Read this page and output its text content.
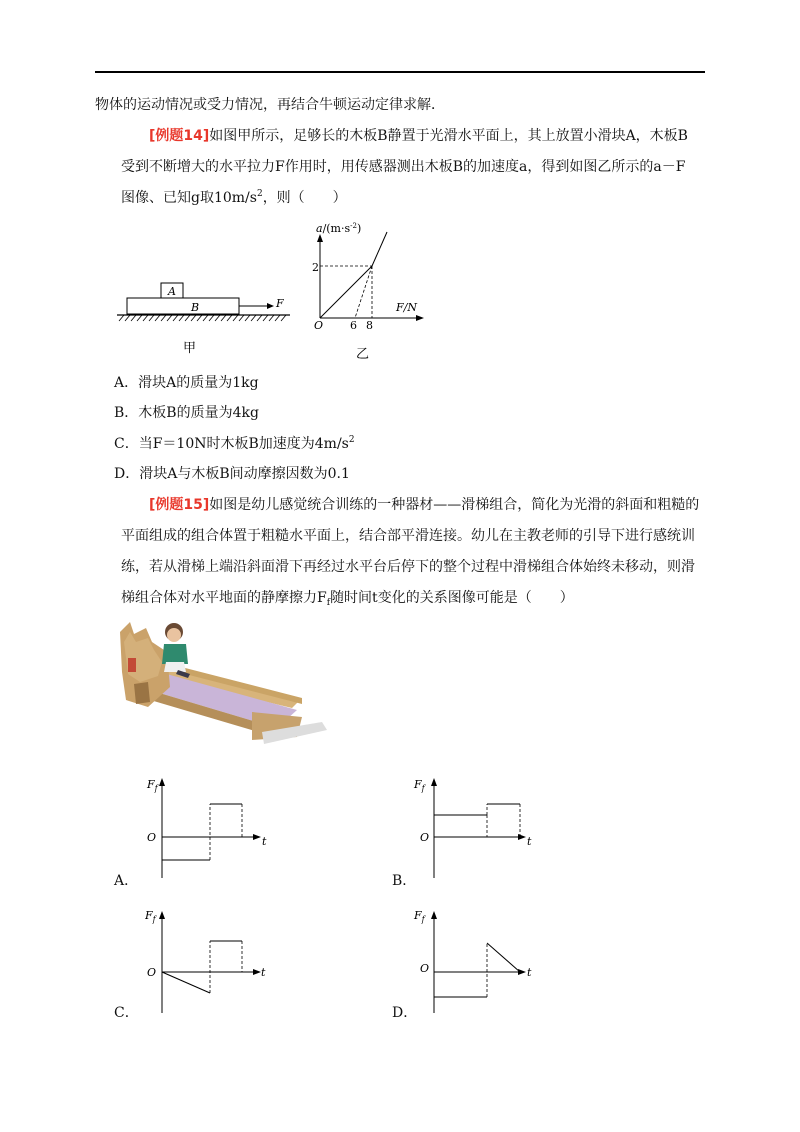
物体的运动情况或受力情况，再结合牛顿运动定律求解．
[例题14]如图甲所示，足够长的木板B静置于光滑水平面上，其上放置小滑块A，木板B
受到不断增大的水平拉力F作用时，用传感器测出木板B的加速度a，得到如图乙所示的a－F
图像、已知g取$10m/s^2$，则（　　）
A
B	F
甲
$a/(m\cdot s^{-2})$
F/N
O
2
6 8
乙
A．滑块A的质量为1kg
B．木板B的质量为4kg
C．当F＝10N时木板B加速度为$4m/s^2$
D．滑块A与木板B间动摩擦因数为0.1
[例题15]如图是幼儿感觉统合训练的一种器材——滑梯组合，简化为光滑的斜面和粗糙的
平面组成的组合体置于粗糙水平面上，结合部平滑连接。幼儿在主教老师的引导下进行感统训
练，若从滑梯上端沿斜面滑下再经过水平台后停下的整个过程中滑梯组合体始终未移动，则滑
梯组合体对水平地面的静摩擦力$F_f$随时间t变化的关系图像可能是（　　）
$F_f$
t
O
A．
$F_f$
t
O
B．
$F_f$
t
O
C．
$F_f$
t
O
D．
